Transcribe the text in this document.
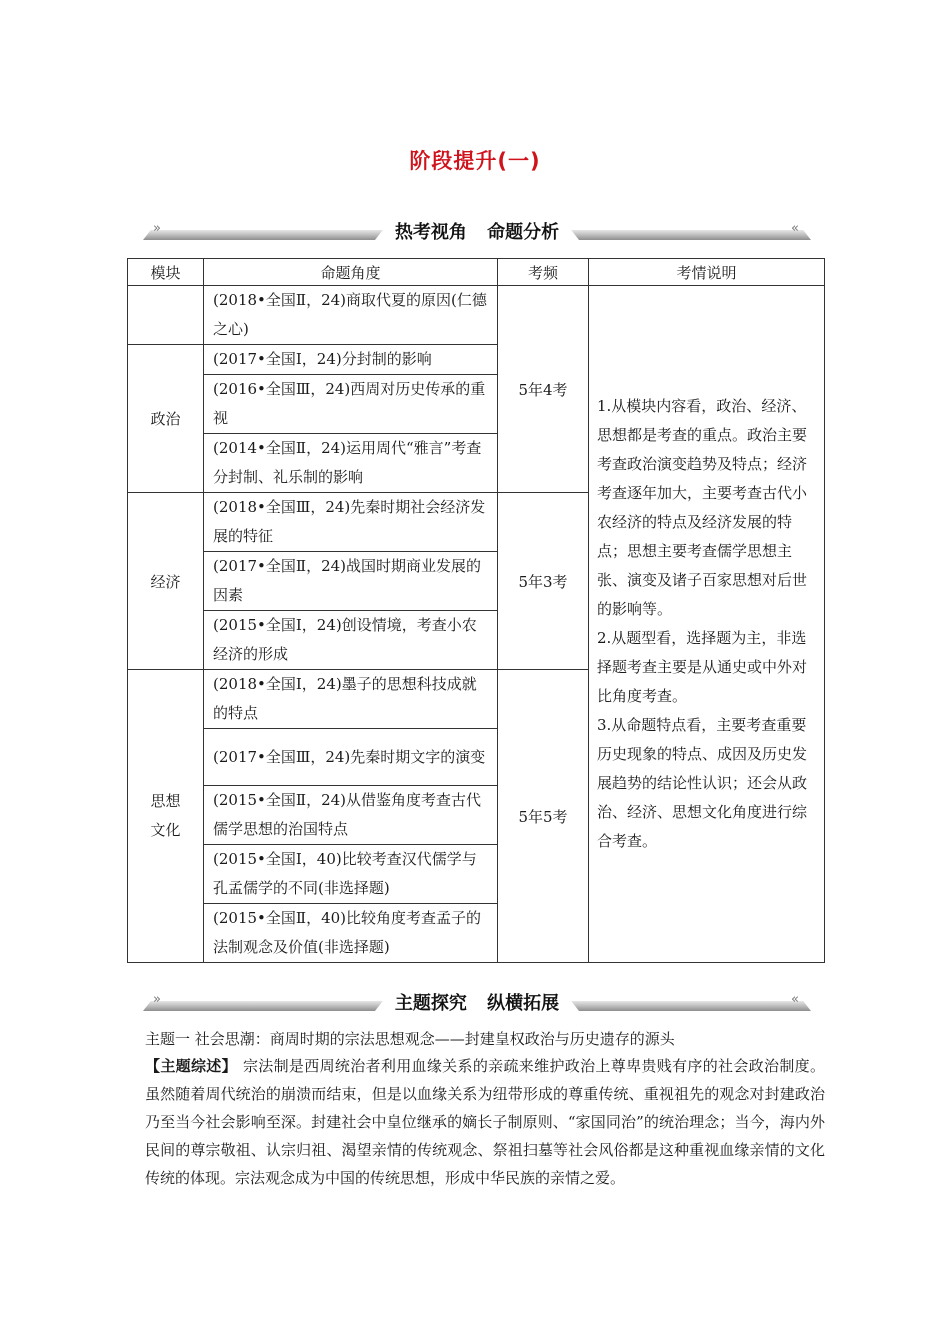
阶段提升(一)
»	«
热考视角 命题分析
模块	命题角度	考频	考情说明
	(2018•全国Ⅱ，24)商取代夏的原因(仁德之心)	5年4考	1.从模块内容看，政治、经济、思想都是考查的重点。政治主要考查政治演变趋势及特点；经济考查逐年加大，主要考查古代小农经济的特点及经济发展的特点；思想主要考查儒学思想主张、演变及诸子百家思想对后世的影响等。
2.从题型看，选择题为主，非选择题考查主要是从通史或中外对比角度考查。
3.从命题特点看，主要考查重要历史现象的特点、成因及历史发展趋势的结论性认识；还会从政治、经济、思想文化角度进行综合考查。

政治	(2017•全国Ⅰ，24)分封制的影响		
	(2016•全国Ⅲ，24)西周对历史传承的重视		
	(2014•全国Ⅱ，24)运用周代“雅言”考查分封制、礼乐制的影响		
经济	(2018•全国Ⅲ，24)先秦时期社会经济发展的特征	5年3考	
	(2017•全国Ⅱ，24)战国时期商业发展的因素		
	(2015•全国Ⅰ，24)创设情境，考查小农经济的形成		

思想文化	(2018•全国Ⅰ，24)墨子的思想科技成就的特点	5年5考	
	(2017•全国Ⅲ，24)先秦时期文字的演变		
	(2015•全国Ⅱ，24)从借鉴角度考查古代儒学思想的治国特点		
	(2015•全国Ⅰ，40)比较考查汉代儒学与孔孟儒学的不同(非选择题)		
	(2015•全国Ⅱ，40)比较角度考查孟子的法制观念及价值(非选择题)		
»	«
主题探究 纵横拓展
主题一 社会思潮：商周时期的宗法思想观念——封建皇权政治与历史遗存的源头
【主题综述】 宗法制是西周统治者利用血缘关系的亲疏来维护政治上尊卑贵贱有序的社会政治制度。虽然随着周代统治的崩溃而结束，但是以血缘关系为纽带形成的尊重传统、重视祖先的观念对封建政治乃至当今社会影响至深。封建社会中皇位继承的嫡长子制原则、“家国同治”的统治理念；当今，海内外民间的尊宗敬祖、认宗归祖、渴望亲情的传统观念、祭祖扫墓等社会风俗都是这种重视血缘亲情的文化传统的体现。宗法观念成为中国的传统思想，形成中华民族的亲情之爱。
